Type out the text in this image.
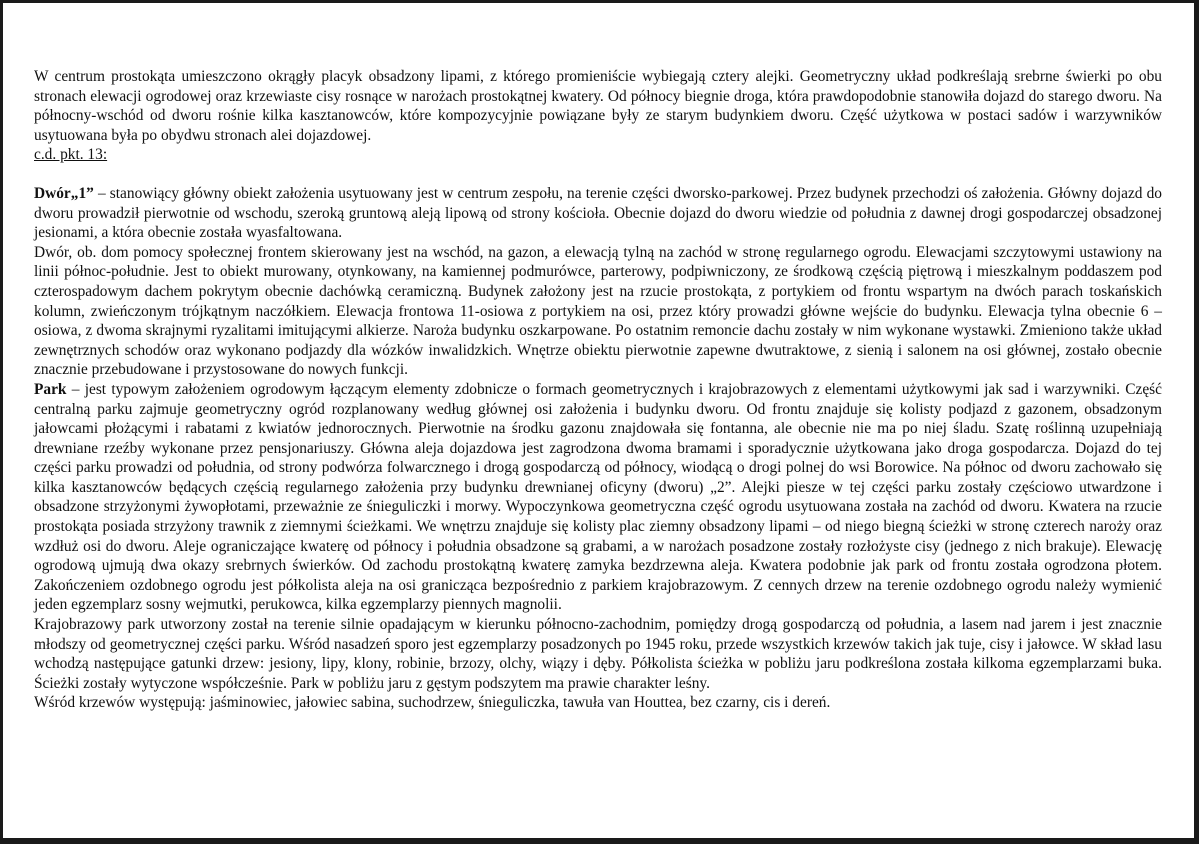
W centrum prostokąta umieszczono okrągły placyk obsadzony lipami, z którego promieniście wybiegają cztery alejki. Geometryczny układ podkreślają srebrne świerki po obu stronach elewacji ogrodowej oraz krzewiaste cisy rosnące w narożach prostokątnej kwatery. Od północy biegnie droga, która prawdopodobnie stanowiła dojazd do starego dworu. Na północny-wschód od dworu rośnie kilka kasztanowców, które kompozycyjnie powiązane były ze starym budynkiem dworu. Część użytkowa w postaci sadów i warzywników usytuowana była po obydwu stronach alei dojazdowej.

c.d. pkt. 13:

Dwór„1” – stanowiący główny obiekt założenia usytuowany jest w centrum zespołu, na terenie części dworsko-parkowej. Przez budynek przechodzi oś założenia. Główny dojazd do dworu prowadził pierwotnie od wschodu, szeroką gruntową aleją lipową od strony kościoła. Obecnie dojazd do dworu wiedzie od południa z dawnej drogi gospodarczej obsadzonej jesionami, a która obecnie została wyasfaltowana.

Dwór, ob. dom pomocy społecznej frontem skierowany jest na wschód, na gazon, a elewacją tylną na zachód w stronę regularnego ogrodu. Elewacjami szczytowymi ustawiony na linii północ-południe. Jest to obiekt murowany, otynkowany, na kamiennej podmurówce, parterowy, podpiwniczony, ze środkową częścią piętrową i mieszkalnym poddaszem pod czterospadowym dachem pokrytym obecnie dachówką ceramiczną. Budynek założony jest na rzucie prostokąta, z portykiem od frontu wspartym na dwóch parach toskańskich kolumn, zwieńczonym trójkątnym naczółkiem. Elewacja frontowa 11-osiowa z portykiem na osi, przez który prowadzi główne wejście do budynku. Elewacja tylna obecnie 6 – osiowa, z dwoma skrajnymi ryzalitami imitującymi alkierze. Naroża budynku oszkarpowane. Po ostatnim remoncie dachu zostały w nim wykonane wystawki. Zmieniono także układ zewnętrznych schodów oraz wykonano podjazdy dla wózków inwalidzkich. Wnętrze obiektu pierwotnie zapewne dwutraktowe, z sienią i salonem na osi głównej, zostało obecnie znacznie przebudowane i przystosowane do nowych funkcji.

Park – jest typowym założeniem ogrodowym łączącym elementy zdobnicze o formach geometrycznych i krajobrazowych z elementami użytkowymi jak sad i warzywniki. Część centralną parku zajmuje geometryczny ogród rozplanowany według głównej osi założenia i budynku dworu. Od frontu znajduje się kolisty podjazd z gazonem, obsadzonym jałowcami płożącymi i rabatami z kwiatów jednorocznych. Pierwotnie na środku gazonu znajdowała się fontanna, ale obecnie nie ma po niej śladu. Szatę roślinną uzupełniają drewniane rzeźby wykonane przez pensjonariuszy. Główna aleja dojazdowa jest zagrodzona dwoma bramami i sporadycznie użytkowana jako droga gospodarcza. Dojazd do tej części parku prowadzi od południa, od strony podwórza folwarcznego i drogą gospodarczą od północy, wiodącą o drogi polnej do wsi Borowice. Na północ od dworu zachowało się kilka kasztanowców będących częścią regularnego założenia przy budynku drewnianej oficyny (dworu) „2”. Alejki piesze w tej części parku zostały częściowo utwardzone i obsadzone strzyżonymi żywopłotami, przeważnie ze śnieguliczki i morwy. Wypoczynkowa geometryczna część ogrodu usytuowana została na zachód od dworu. Kwatera na rzucie prostokąta posiada strzyżony trawnik z ziemnymi ścieżkami. We wnętrzu znajduje się kolisty plac ziemny obsadzony lipami – od niego biegną ścieżki w stronę czterech naroży oraz wzdłuż osi do dworu. Aleje ograniczające kwaterę od północy i południa obsadzone są grabami, a w narożach posadzone zostały rozłożyste cisy (jednego z nich brakuje). Elewację ogrodową ujmują dwa okazy srebrnych świerków. Od zachodu prostokątną kwaterę zamyka bezdrzewna aleja. Kwatera podobnie jak park od frontu została ogrodzona płotem. Zakończeniem ozdobnego ogrodu jest półkolista aleja na osi granicząca bezpośrednio z parkiem krajobrazowym. Z cennych drzew na terenie ozdobnego ogrodu należy wymienić jeden egzemplarz sosny wejmutki, perukowca, kilka egzemplarzy piennych magnolii.

Krajobrazowy park utworzony został na terenie silnie opadającym w kierunku północno-zachodnim, pomiędzy drogą gospodarczą od południa, a lasem nad jarem i jest znacznie młodszy od geometrycznej części parku. Wśród nasadzeń sporo jest egzemplarzy posadzonych po 1945 roku, przede wszystkich krzewów takich jak tuje, cisy i jałowce. W skład lasu wchodzą następujące gatunki drzew: jesiony, lipy, klony, robinie, brzozy, olchy, wiązy i dęby. Półkolista ścieżka w pobliżu jaru podkreślona została kilkoma egzemplarzami buka. Ścieżki zostały wytyczone współcześnie. Park w pobliżu jaru z gęstym podszytem ma prawie charakter leśny.

Wśród krzewów występują: jaśminowiec, jałowiec sabina, suchodrzew, śnieguliczka, tawuła van Houttea, bez czarny, cis i dereń.
